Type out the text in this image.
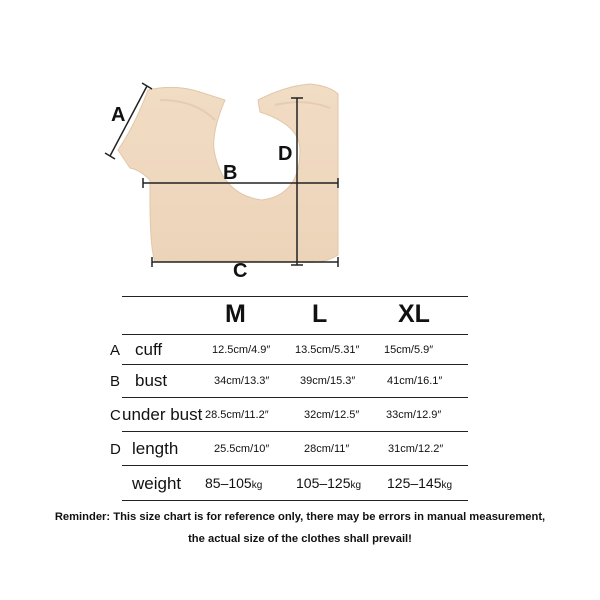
A
B
D
C
M	L	XL
A cuff	12.5cm/4.9″ 13.5cm/5.31″ 15cm/5.9″
B bust	34cm/13.3″	39cm/15.3″	41cm/16.1″
C under bust 28.5cm/11.2″	32cm/12.5″ 33cm/12.9″
D length	25.5cm/10″	28cm/11″	31cm/12.2″
weight 85–105kg 105–125kg 125–145kg
Reminder: This size chart is for reference only, there may be errors in manual measurement,
the actual size of the clothes shall prevail!
